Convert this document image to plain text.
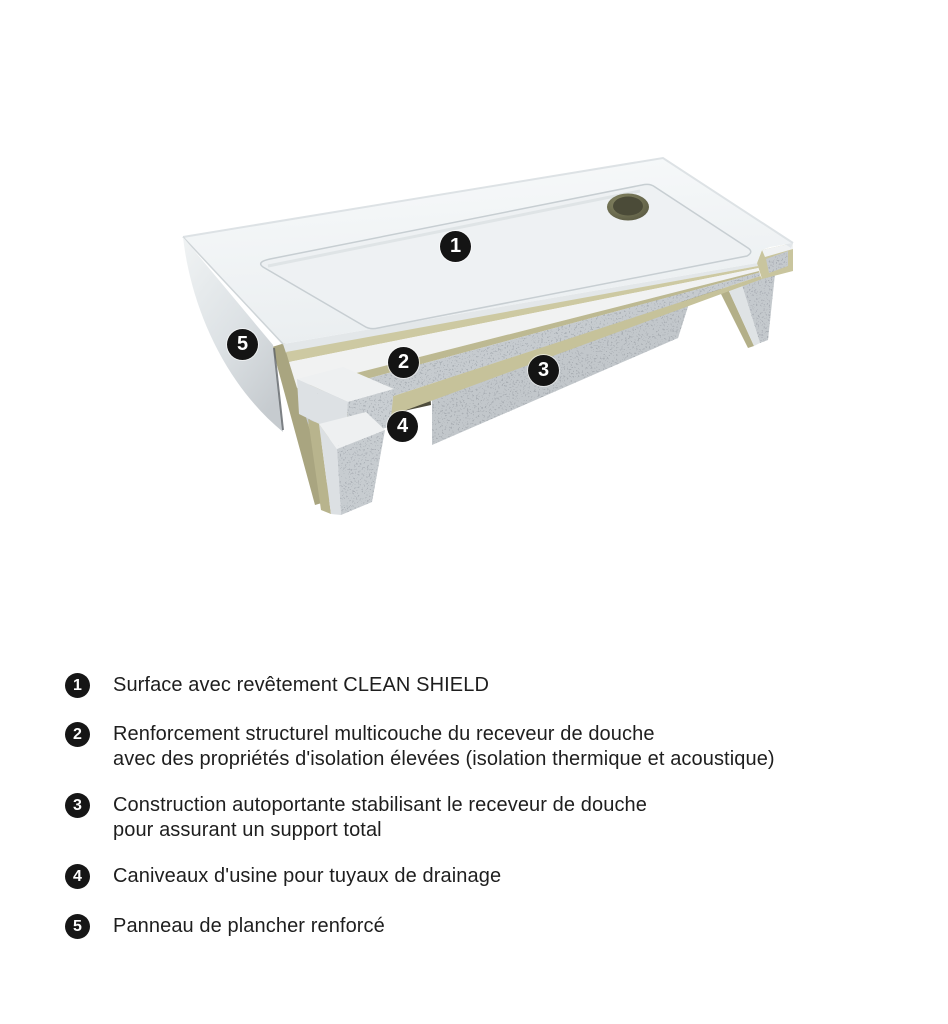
1
2	3
4
5
1	Surface avec revêtement CLEAN SHIELD
2	Renforcement structurel multicouche du receveur de douche
avec des propriétés d'isolation élevées (isolation thermique et acoustique)
3	Construction autoportante stabilisant le receveur de douche
pour assurant un support total
4	Caniveaux d'usine pour tuyaux de drainage
5	Panneau de plancher renforcé
